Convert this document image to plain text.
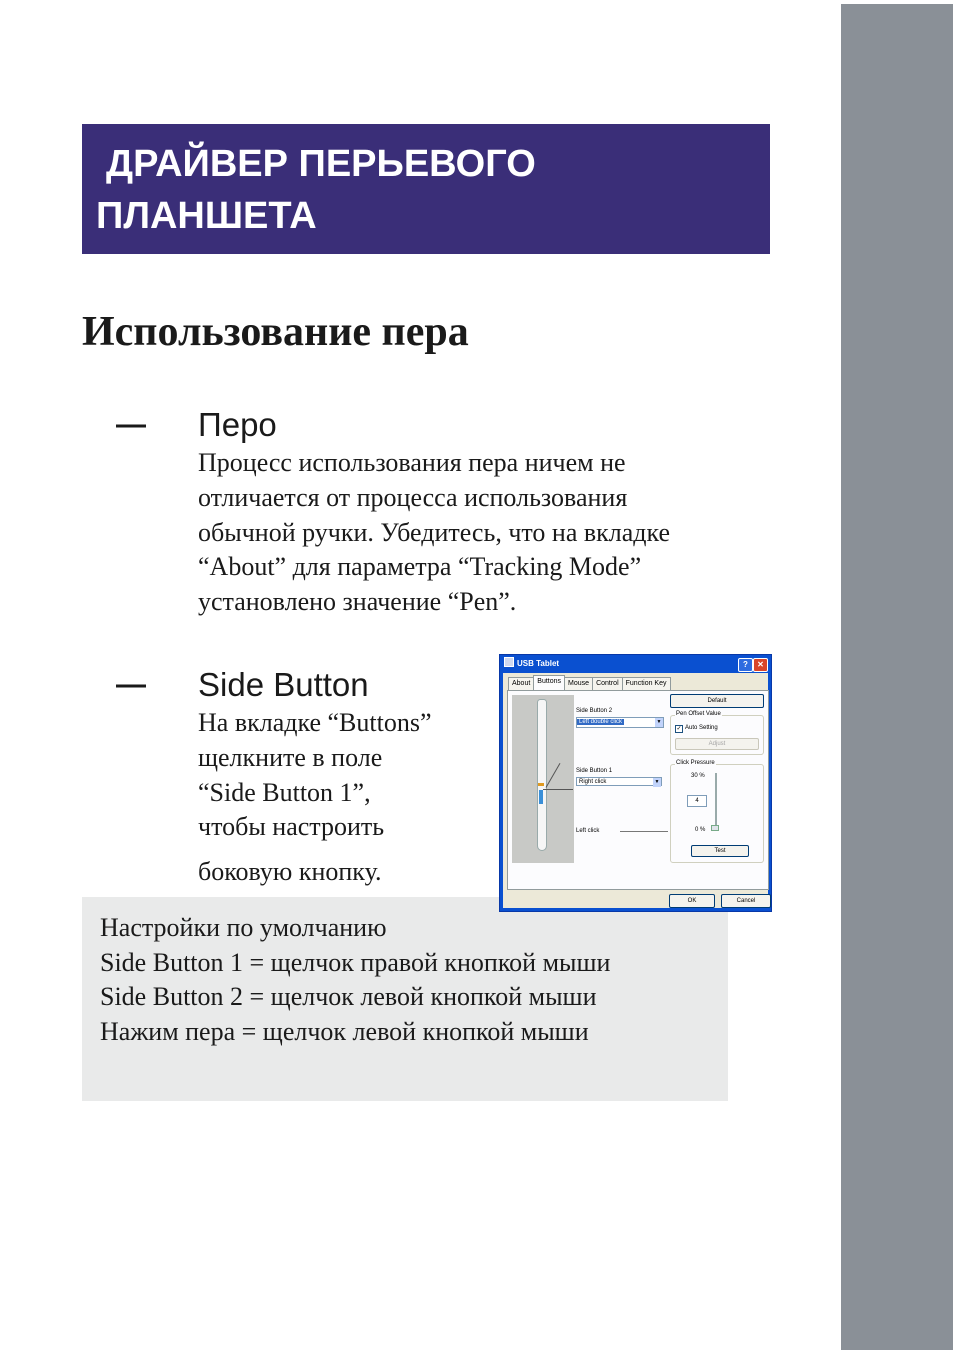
ДРАЙВЕР ПЕРЬЕВОГО
ПЛАНШЕТА
Использование пера
— Перо
Процесс использования пера ничем не
отличается от процесса использования
обычной ручки. Убедитесь, что на вкладке
“About” для параметра “Tracking Mode”
установлено значение “Pen”.
— Side Button
На вкладке “Buttons”
щелкните в поле
“Side Button 1”,
чтобы настроить
боковую кнопку.
Настройки по умолчанию
Side Button 1 = щелчок правой кнопкой мыши
Side Button 2 = щелчок левой кнопкой мыши
Нажим пера = щелчок левой кнопкой мыши
USB Tablet	?	✕
About Buttons Mouse Control Function Key
Side Button 2
Left double click	▼
Side Button 1
Right click	▼
Left click
Default
Pen Offset Value
✓ Auto Setting
Adjust
Click Pressure
30 %
4
0 %
Test
OK	Cancel
